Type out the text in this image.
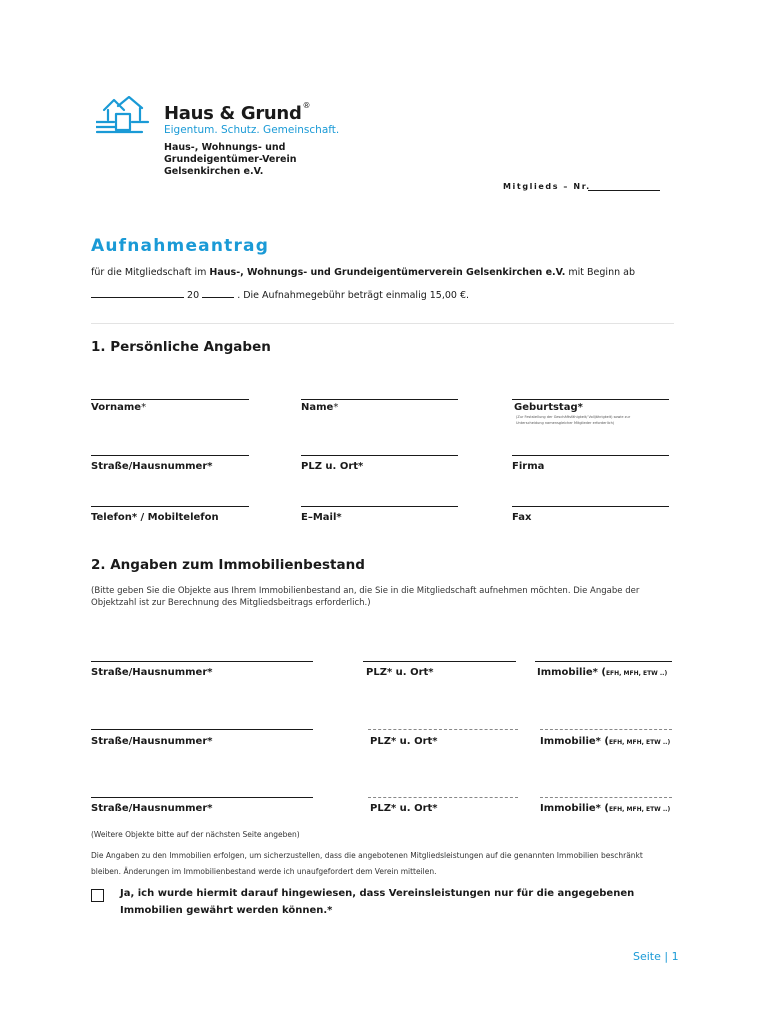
Haus & Grund®
Eigentum. Schutz. Gemeinschaft.
Haus-, Wohnungs- und
Grundeigentümer-Verein
Gelsenkirchen e.V.
Mitglieds – Nr.
Aufnahmeantrag
für die Mitgliedschaft im Haus-, Wohnungs- und Grundeigentümerverein Gelsenkirchen e.V. mit Beginn ab
20	. Die Aufnahmegebühr beträgt einmalig 15,00 €.
1. Persönliche Angaben
Vorname*	Name*	Geburtstag*
(Zur Feststellung der Geschäftsfähigkeit/ Volljährigkeit) sowie zur
Unterscheidung namensgleicher Mitglieder erforderlich)
Straße/Hausnummer*	PLZ u. Ort*	Firma
Telefon* / Mobiltelefon	E–Mail*	Fax
2. Angaben zum Immobilienbestand
(Bitte geben Sie die Objekte aus Ihrem Immobilienbestand an, die Sie in die Mitgliedschaft aufnehmen möchten. Die Angabe der Objektzahl ist zur Berechnung des Mitgliedsbeitrags erforderlich.)
Straße/Hausnummer*	PLZ* u. Ort*	Immobilie* (EFH, MFH, ETW ..)
Straße/Hausnummer*	PLZ* u. Ort*	Immobilie* (EFH, MFH, ETW ..)
Straße/Hausnummer*	PLZ* u. Ort*	Immobilie* (EFH, MFH, ETW ..)
(Weitere Objekte bitte auf der nächsten Seite angeben)
Die Angaben zu den Immobilien erfolgen, um sicherzustellen, dass die angebotenen Mitgliedsleistungen auf die genannten Immobilien beschränkt
bleiben. Änderungen im Immobilienbestand werde ich unaufgefordert dem Verein mitteilen.
Ja, ich wurde hiermit darauf hingewiesen, dass Vereinsleistungen nur für die angegebenen
Immobilien gewährt werden können.*
Seite | 1
